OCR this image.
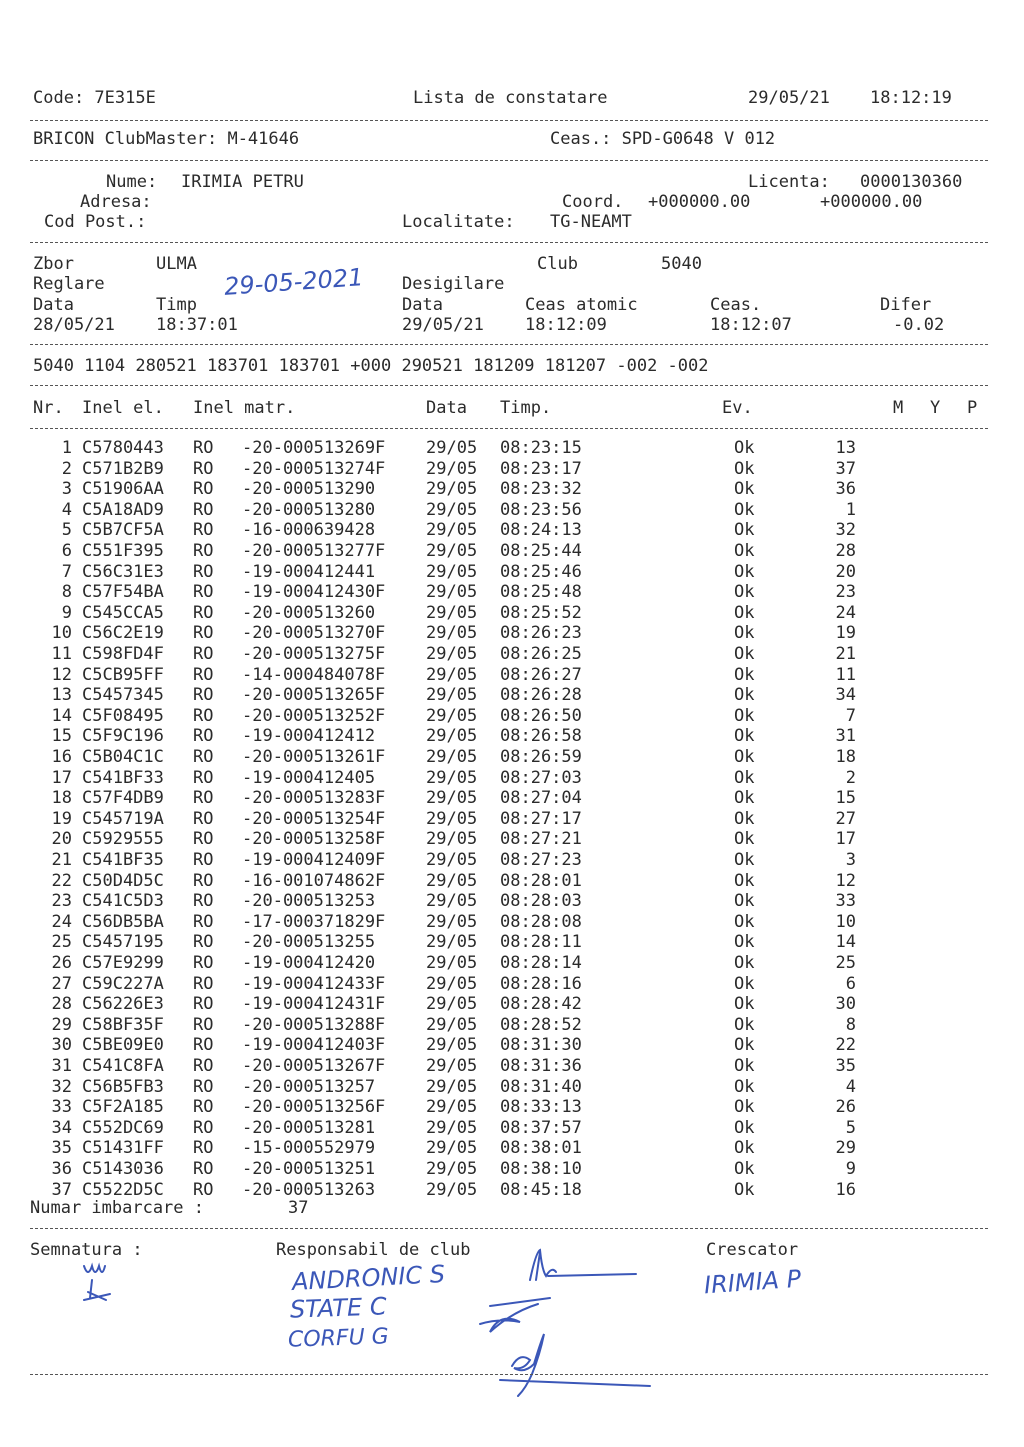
Code: 7E315E	Lista de constatare	29/05/21 18:12:19
BRICON ClubMaster: M-41646	Ceas.: SPD-G0648 V 012
Nume: IRIMIA PETRU	Licenta: 0000130360
Adresa:	Coord. +000000.00	+000000.00
Cod Post.:	Localitate: TG-NEAMT
Zbor	ULMA	Club	5040
Reglare	29-05-2021 Desigilare
Data	Timp	Data	Ceas atomic	Ceas.	Difer
28/05/21 18:37:01	29/05/21 18:12:09	18:12:07	-0.02
5040 1104 280521 183701 183701 +000 290521 181209 181207 -002 -002
Nr. Inel el. Inel matr.	Data Timp.	Ev.	M Y P
1 C5780443 RO -20-000513269F 29/05 08:23:15	Ok	13
2 C571B2B9 RO -20-000513274F 29/05 08:23:17	Ok	37
3 C51906AA RO -20-000513290	29/05 08:23:32	Ok	36
4 C5A18AD9 RO -20-000513280	29/05 08:23:56	Ok	1
5 C5B7CF5A RO -16-000639428	29/05 08:24:13	Ok	32
6 C551F395 RO -20-000513277F 29/05 08:25:44	Ok	28
7 C56C31E3 RO -19-000412441	29/05 08:25:46	Ok	20
8 C57F54BA RO -19-000412430F 29/05 08:25:48	Ok	23
9 C545CCA5 RO -20-000513260	29/05 08:25:52	Ok	24
10 C56C2E19 RO -20-000513270F 29/05 08:26:23	Ok	19
11 C598FD4F RO -20-000513275F 29/05 08:26:25	Ok	21
12 C5CB95FF RO -14-000484078F 29/05 08:26:27	Ok	11
13 C5457345 RO -20-000513265F 29/05 08:26:28	Ok	34
14 C5F08495 RO -20-000513252F 29/05 08:26:50	Ok	7
15 C5F9C196 RO -19-000412412	29/05 08:26:58	Ok	31
16 C5B04C1C RO -20-000513261F 29/05 08:26:59	Ok	18
17 C541BF33 RO -19-000412405	29/05 08:27:03	Ok	2
18 C57F4DB9 RO -20-000513283F 29/05 08:27:04	Ok	15
19 C545719A RO -20-000513254F 29/05 08:27:17	Ok	27
20 C5929555 RO -20-000513258F 29/05 08:27:21	Ok	17
21 C541BF35 RO -19-000412409F 29/05 08:27:23	Ok	3
22 C50D4D5C RO -16-001074862F 29/05 08:28:01	Ok	12
23 C541C5D3 RO -20-000513253	29/05 08:28:03	Ok	33
24 C56DB5BA RO -17-000371829F 29/05 08:28:08	Ok	10
25 C5457195 RO -20-000513255	29/05 08:28:11	Ok	14
26 C57E9299 RO -19-000412420	29/05 08:28:14	Ok	25
27 C59C227A RO -19-000412433F 29/05 08:28:16	Ok	6
28 C56226E3 RO -19-000412431F 29/05 08:28:42	Ok	30
29 C58BF35F RO -20-000513288F 29/05 08:28:52	Ok	8
30 C5BE09E0 RO -19-000412403F 29/05 08:31:30	Ok	22
31 C541C8FA RO -20-000513267F 29/05 08:31:36	Ok	35
32 C56B5FB3 RO -20-000513257	29/05 08:31:40	Ok	4
33 C5F2A185 RO -20-000513256F 29/05 08:33:13	Ok	26
34 C552DC69 RO -20-000513281	29/05 08:37:57	Ok	5
35 C51431FF RO -15-000552979	29/05 08:38:01	Ok	29
36 C5143036 RO -20-000513251	29/05 08:38:10	Ok	9
37 C5522D5C RO -20-000513263	29/05 08:45:18	Ok	16
Numar imbarcare :	37
Semnatura :	Responsabil de club	Crescator
ANDRONIC S
STATE C
CORFU G
IRIMIA P
